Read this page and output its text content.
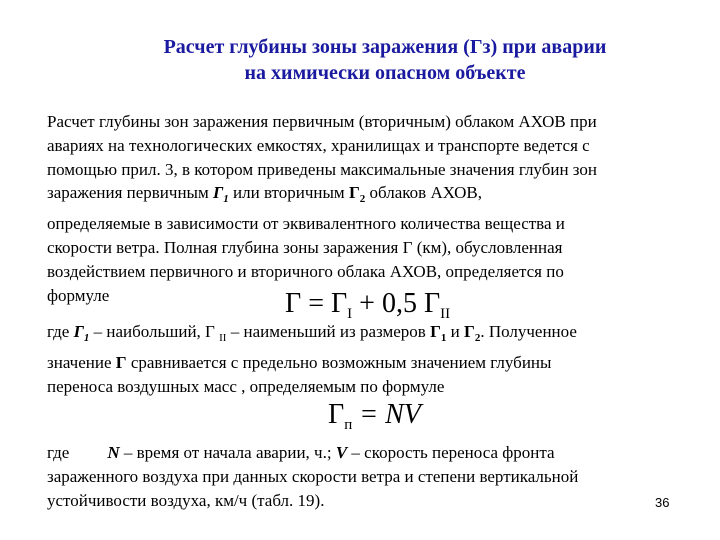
Расчет глубины зоны заражения (Гз) при аварии
на химически опасном объекте
Расчет глубины зон заражения первичным (вторичным) облаком АХОВ при
авариях на технологических емкостях, хранилищах и транспорте ведется с
помощью прил. 3, в котором приведены максимальные значения глубин зон
заражения первичным $Г_1$ или вторичным $Г_2$ облаков АХОВ,
определяемые в зависимости от эквивалентного количества вещества и
скорости ветра. Полная глубина зоны заражения Г (км), обусловленная
воздействием первичного и вторичного облака АХОВ, определяется по
формуле	$Г = Г_I + 0,5$ $Г_{II}$
где $Г_1$ – наибольший, Г $_{II}$ – наименьший из размеров $Г_1$ и $Г_2$. Полученное
значение Г сравнивается с предельно возможным значением глубины
переноса воздушных масс , определяемым по формуле
$Г_п$ = NV
где N – время от начала аварии, ч.; V – скорость переноса фронта
зараженного воздуха при данных скорости ветра и степени вертикальной
устойчивости воздуха, км/ч (табл. 19).	36
